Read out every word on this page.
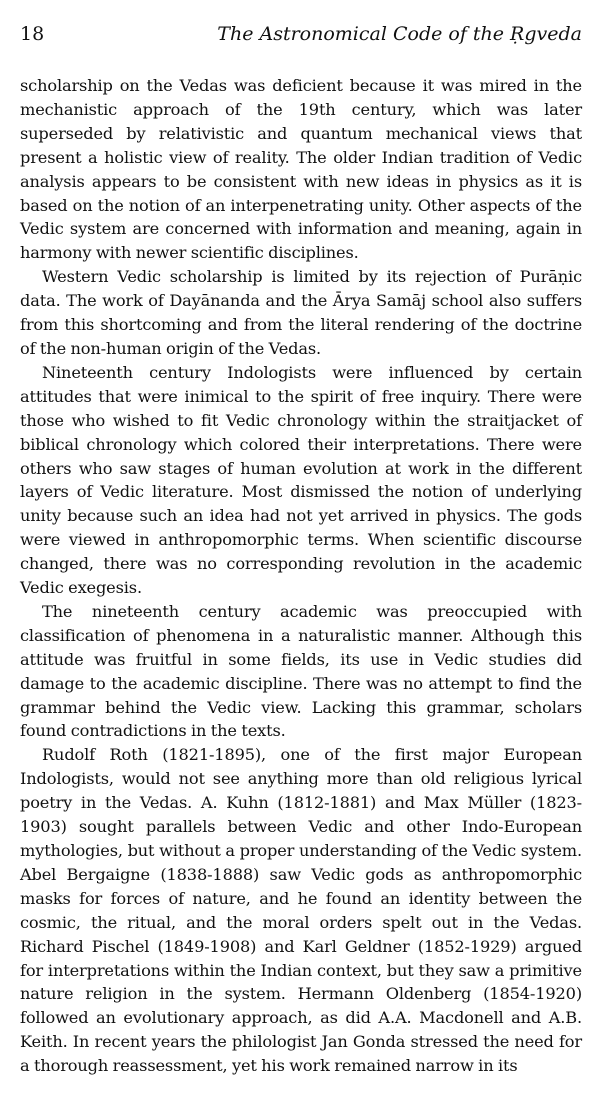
18	The Astronomical Code of the Ṛgveda

scholarship on the Vedas was deficient because it was mired in the mechanistic approach of the 19th century, which was later superseded by relativistic and quantum mechanical views that present a holistic view of reality. The older Indian tradition of Vedic analysis appears to be consistent with new ideas in physics as it is based on the notion of an interpenetrating unity. Other aspects of the Vedic system are concerned with information and meaning, again in harmony with newer scientific disciplines.

Western Vedic scholarship is limited by its rejection of Purāṇic data. The work of Dayānanda and the Ārya Samāj school also suffers from this shortcoming and from the literal rendering of the doctrine of the non-human origin of the Vedas.

Nineteenth century Indologists were influenced by certain attitudes that were inimical to the spirit of free inquiry. There were those who wished to fit Vedic chronology within the straitjacket of biblical chronology which colored their interpretations. There were others who saw stages of human evolution at work in the different layers of Vedic literature. Most dismissed the notion of underlying unity because such an idea had not yet arrived in physics. The gods were viewed in anthropomorphic terms. When scientific discourse changed, there was no corresponding revolution in the academic Vedic exegesis.

The nineteenth century academic was preoccupied with classification of phenomena in a naturalistic manner. Although this attitude was fruitful in some fields, its use in Vedic studies did damage to the academic discipline. There was no attempt to find the grammar behind the Vedic view. Lacking this grammar, scholars found contradictions in the texts.

Rudolf Roth (1821-1895), one of the first major European Indologists, would not see anything more than old religious lyrical poetry in the Vedas. A. Kuhn (1812-1881) and Max Müller (1823-1903) sought parallels between Vedic and other Indo-European mythologies, but without a proper understanding of the Vedic system. Abel Bergaigne (1838-1888) saw Vedic gods as anthropomorphic masks for forces of nature, and he found an identity between the cosmic, the ritual, and the moral orders spelt out in the Vedas. Richard Pischel (1849-1908) and Karl Geldner (1852-1929) argued for interpretations within the Indian context, but they saw a primitive nature religion in the system. Hermann Oldenberg (1854-1920) followed an evolutionary approach, as did A.A. Macdonell and A.B. Keith. In recent years the philologist Jan Gonda stressed the need for a thorough reassessment, yet his work remained narrow in its
